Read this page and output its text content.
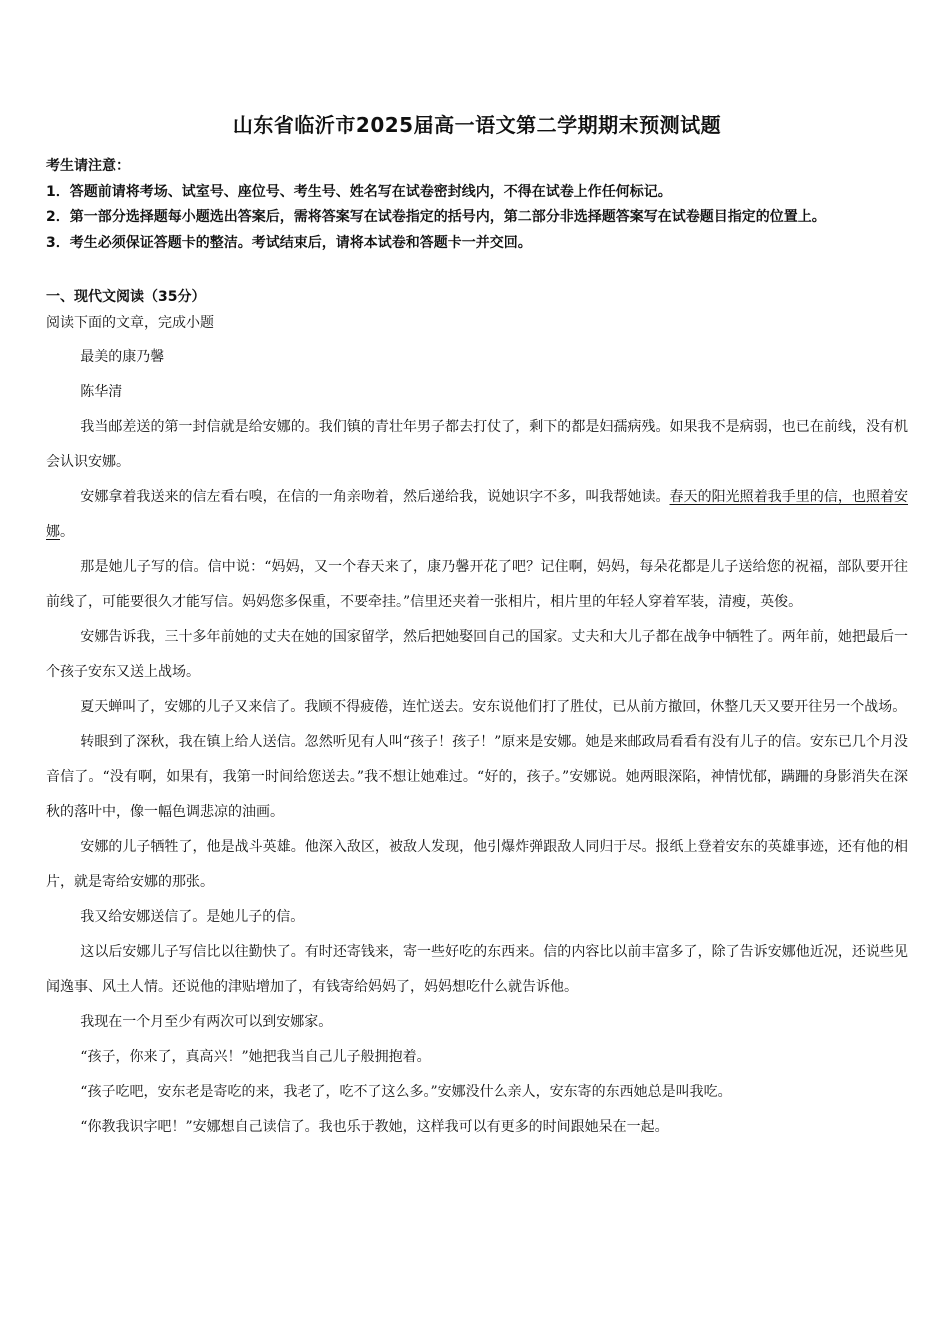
山东省临沂市2025届高一语文第二学期期末预测试题

考生请注意：

1．答题前请将考场、试室号、座位号、考生号、姓名写在试卷密封线内，不得在试卷上作任何标记。

2．第一部分选择题每小题选出答案后，需将答案写在试卷指定的括号内，第二部分非选择题答案写在试卷题目指定的位置上。

3．考生必须保证答题卡的整洁。考试结束后，请将本试卷和答题卡一并交回。

一、现代文阅读（35分）

阅读下面的文章，完成小题

最美的康乃馨

陈华清

我当邮差送的第一封信就是给安娜的。我们镇的青壮年男子都去打仗了，剩下的都是妇孺病残。如果我不是病弱，也已在前线，没有机会认识安娜。

安娜拿着我送来的信左看右嗅，在信的一角亲吻着，然后递给我，说她识字不多，叫我帮她读。春天的阳光照着我手里的信，也照着安娜。

那是她儿子写的信。信中说：“妈妈，又一个春天来了，康乃馨开花了吧？记住啊，妈妈，每朵花都是儿子送给您的祝福，部队要开往前线了，可能要很久才能写信。妈妈您多保重，不要牵挂。”信里还夹着一张相片，相片里的年轻人穿着军装，清瘦，英俊。

安娜告诉我，三十多年前她的丈夫在她的国家留学，然后把她娶回自己的国家。丈夫和大儿子都在战争中牺牲了。两年前，她把最后一个孩子安东又送上战场。

夏天蝉叫了，安娜的儿子又来信了。我顾不得疲倦，连忙送去。安东说他们打了胜仗，已从前方撤回，休整几天又要开往另一个战场。

转眼到了深秋，我在镇上给人送信。忽然听见有人叫“孩子！孩子！”原来是安娜。她是来邮政局看看有没有儿子的信。安东已几个月没音信了。“没有啊，如果有，我第一时间给您送去。”我不想让她难过。“好的，孩子。”安娜说。她两眼深陷，神情忧郁，蹒跚的身影消失在深秋的落叶中，像一幅色调悲凉的油画。

安娜的儿子牺牲了，他是战斗英雄。他深入敌区，被敌人发现，他引爆炸弹跟敌人同归于尽。报纸上登着安东的英雄事迹，还有他的相片，就是寄给安娜的那张。

我又给安娜送信了。是她儿子的信。

这以后安娜儿子写信比以往勤快了。有时还寄钱来，寄一些好吃的东西来。信的内容比以前丰富多了，除了告诉安娜他近况，还说些见闻逸事、风土人情。还说他的津贴增加了，有钱寄给妈妈了，妈妈想吃什么就告诉他。

我现在一个月至少有两次可以到安娜家。

“孩子，你来了，真高兴！”她把我当自己儿子般拥抱着。

“孩子吃吧，安东老是寄吃的来，我老了，吃不了这么多。”安娜没什么亲人，安东寄的东西她总是叫我吃。

“你教我识字吧！”安娜想自己读信了。我也乐于教她，这样我可以有更多的时间跟她呆在一起。
